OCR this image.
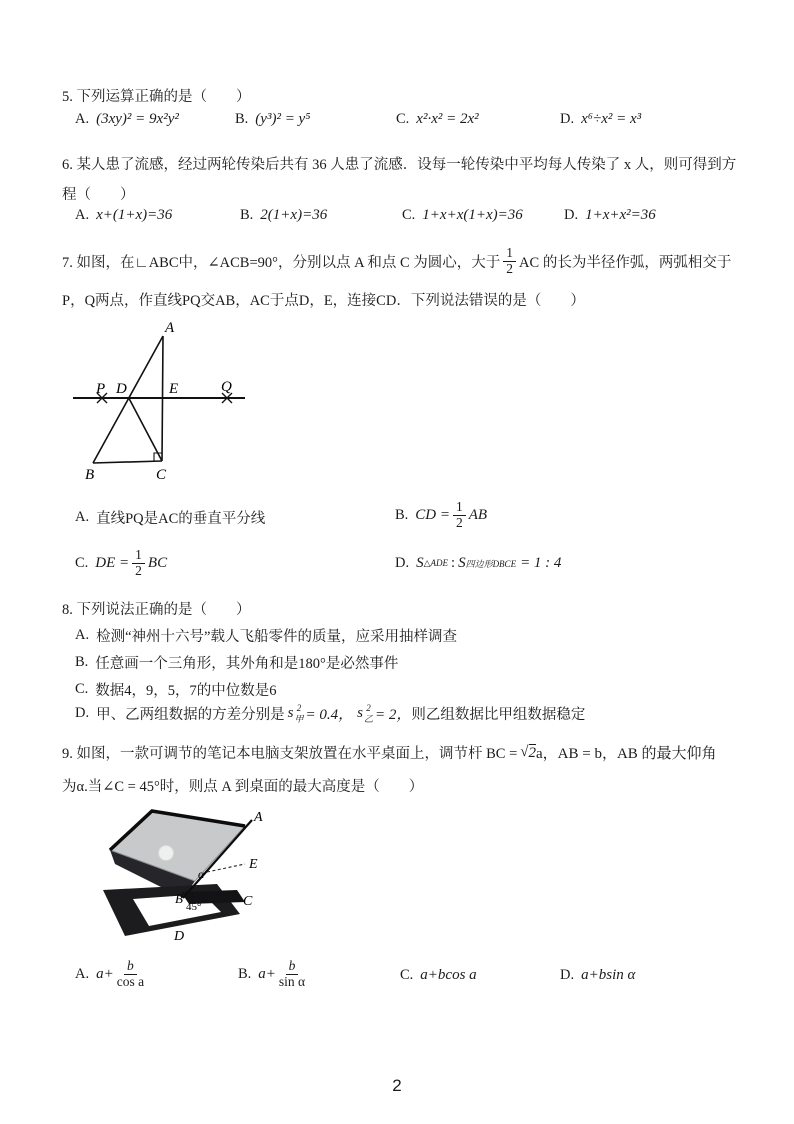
5. 下列运算正确的是（　　）
A. (3xy)² = 9x²y²	B. (y³)² = y⁵	C. x²·x² = 2x²	D. x⁶÷x² = x³
6. 某人患了流感，经过两轮传染后共有 36 人患了流感．设每一轮传染中平均每人传染了 x 人，则可得到方
程（　　）
A. x+(1+x)=36	B. 2(1+x)=36	C. 1+x+x(1+x)=36	D. 1+x+x²=36
7. 如图，在∟ABC中，∠ACB=90°，分别以点 A 和点 C 为圆心，大于 $\frac{1}{2}$ AC 的长为半径作弧，两弧相交于
P，Q两点，作直线PQ交AB，AC于点D，E，连接CD．下列说法错误的是（　　）
A
P D	E	Q
B	C
A. 直线PQ是AC的垂直平分线	B. CD = $\frac{1}{2}$ AB
C. DE = $\frac{1}{2}$ BC	D. S △ADE : S 四边形DBCE = 1 : 4
8. 下列说法正确的是（　　）
A. 检测“神州十六号”载人飞船零件的质量，应采用抽样调查
B. 任意画一个三角形，其外角和是180°是必然事件
C. 数据4，9，5，7的中位数是6
D. 甲、乙两组数据的方差分别是 s 2
甲 = 0.4， s 2
乙 = 2， 则乙组数据比甲组数据稳定
9. 如图，一款可调节的笔记本电脑支架放置在水平桌面上，调节杆 BC = √ 2 a，AB = b，AB 的最大仰角
为α.当∠C = 45°时，则点 A 到桌面的最大高度是（　　）
A
E
α
B
45°	C
D
A. $a+ \frac{b}{\text{cos a}}$	B. $a+ \frac{b}{\text{sin α}}$	C. a+bcos a	D. a+bsin α
2
